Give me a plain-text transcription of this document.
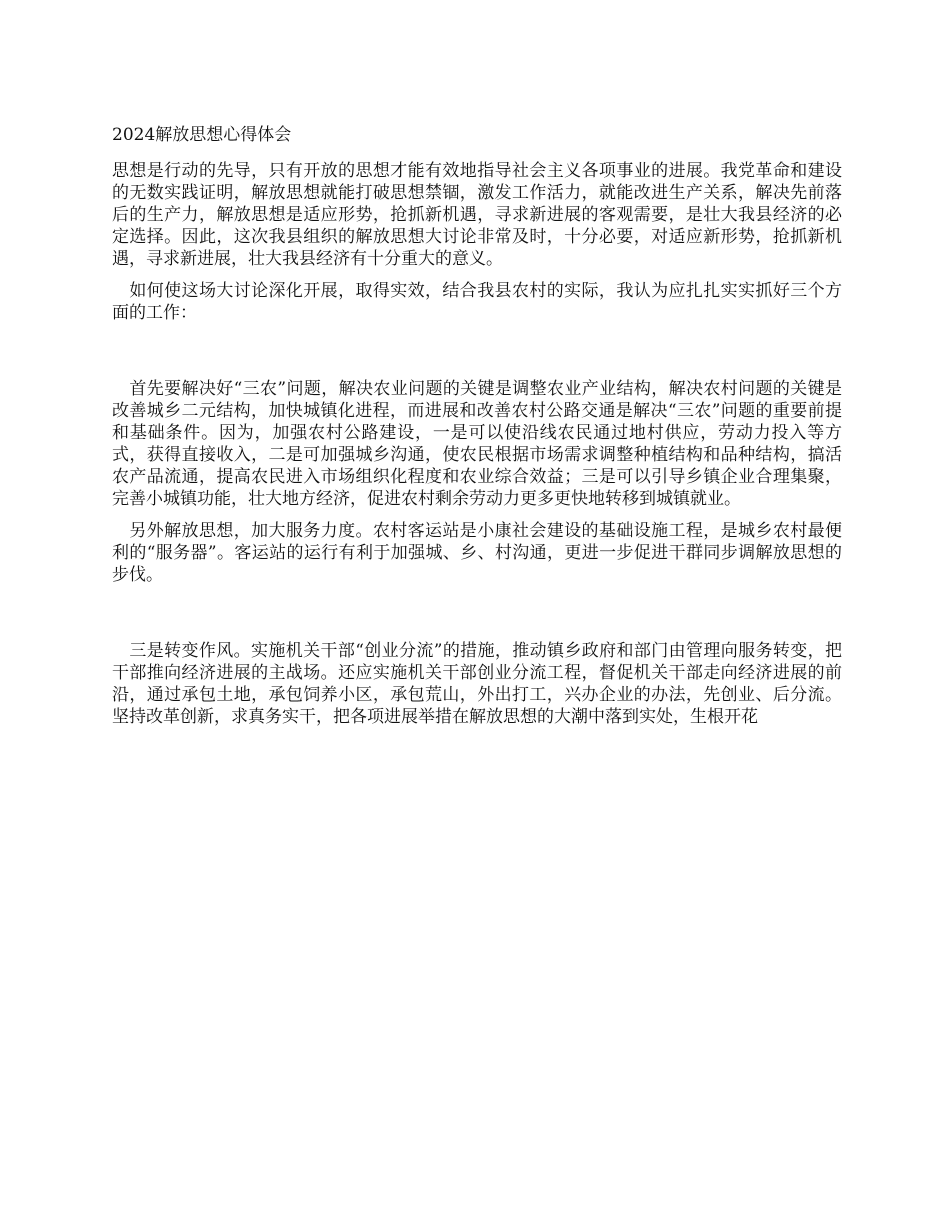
2024解放思想心得体会

思想是行动的先导，只有开放的思想才能有效地指导社会主义各项事业的进展。我党革命和建设的无数实践证明，解放思想就能打破思想禁锢，激发工作活力，就能改进生产关系，解决先前落后的生产力，解放思想是适应形势，抢抓新机遇，寻求新进展的客观需要，是壮大我县经济的必定选择。因此，这次我县组织的解放思想大讨论非常及时，十分必要，对适应新形势，抢抓新机遇，寻求新进展，壮大我县经济有十分重大的意义。

　如何使这场大讨论深化开展，取得实效，结合我县农村的实际，我认为应扎扎实实抓好三个方面的工作：

　首先要解决好“三农”问题，解决农业问题的关键是调整农业产业结构，解决农村问题的关键是改善城乡二元结构，加快城镇化进程，而进展和改善农村公路交通是解决“三农”问题的重要前提和基础条件。因为，加强农村公路建设，一是可以使沿线农民通过地村供应，劳动力投入等方式，获得直接收入，二是可加强城乡沟通，使农民根据市场需求调整种植结构和品种结构，搞活农产品流通，提高农民进入市场组织化程度和农业综合效益；三是可以引导乡镇企业合理集聚，完善小城镇功能，壮大地方经济，促进农村剩余劳动力更多更快地转移到城镇就业。

　另外解放思想，加大服务力度。农村客运站是小康社会建设的基础设施工程，是城乡农村最便利的“服务器”。客运站的运行有利于加强城、乡、村沟通，更进一步促进干群同步调解放思想的步伐。

　三是转变作风。实施机关干部“创业分流”的措施，推动镇乡政府和部门由管理向服务转变，把干部推向经济进展的主战场。还应实施机关干部创业分流工程，督促机关干部走向经济进展的前沿，通过承包土地，承包饲养小区，承包荒山，外出打工，兴办企业的办法，先创业、后分流。坚持改革创新，求真务实干，把各项进展举措在解放思想的大潮中落到实处，生根开花
